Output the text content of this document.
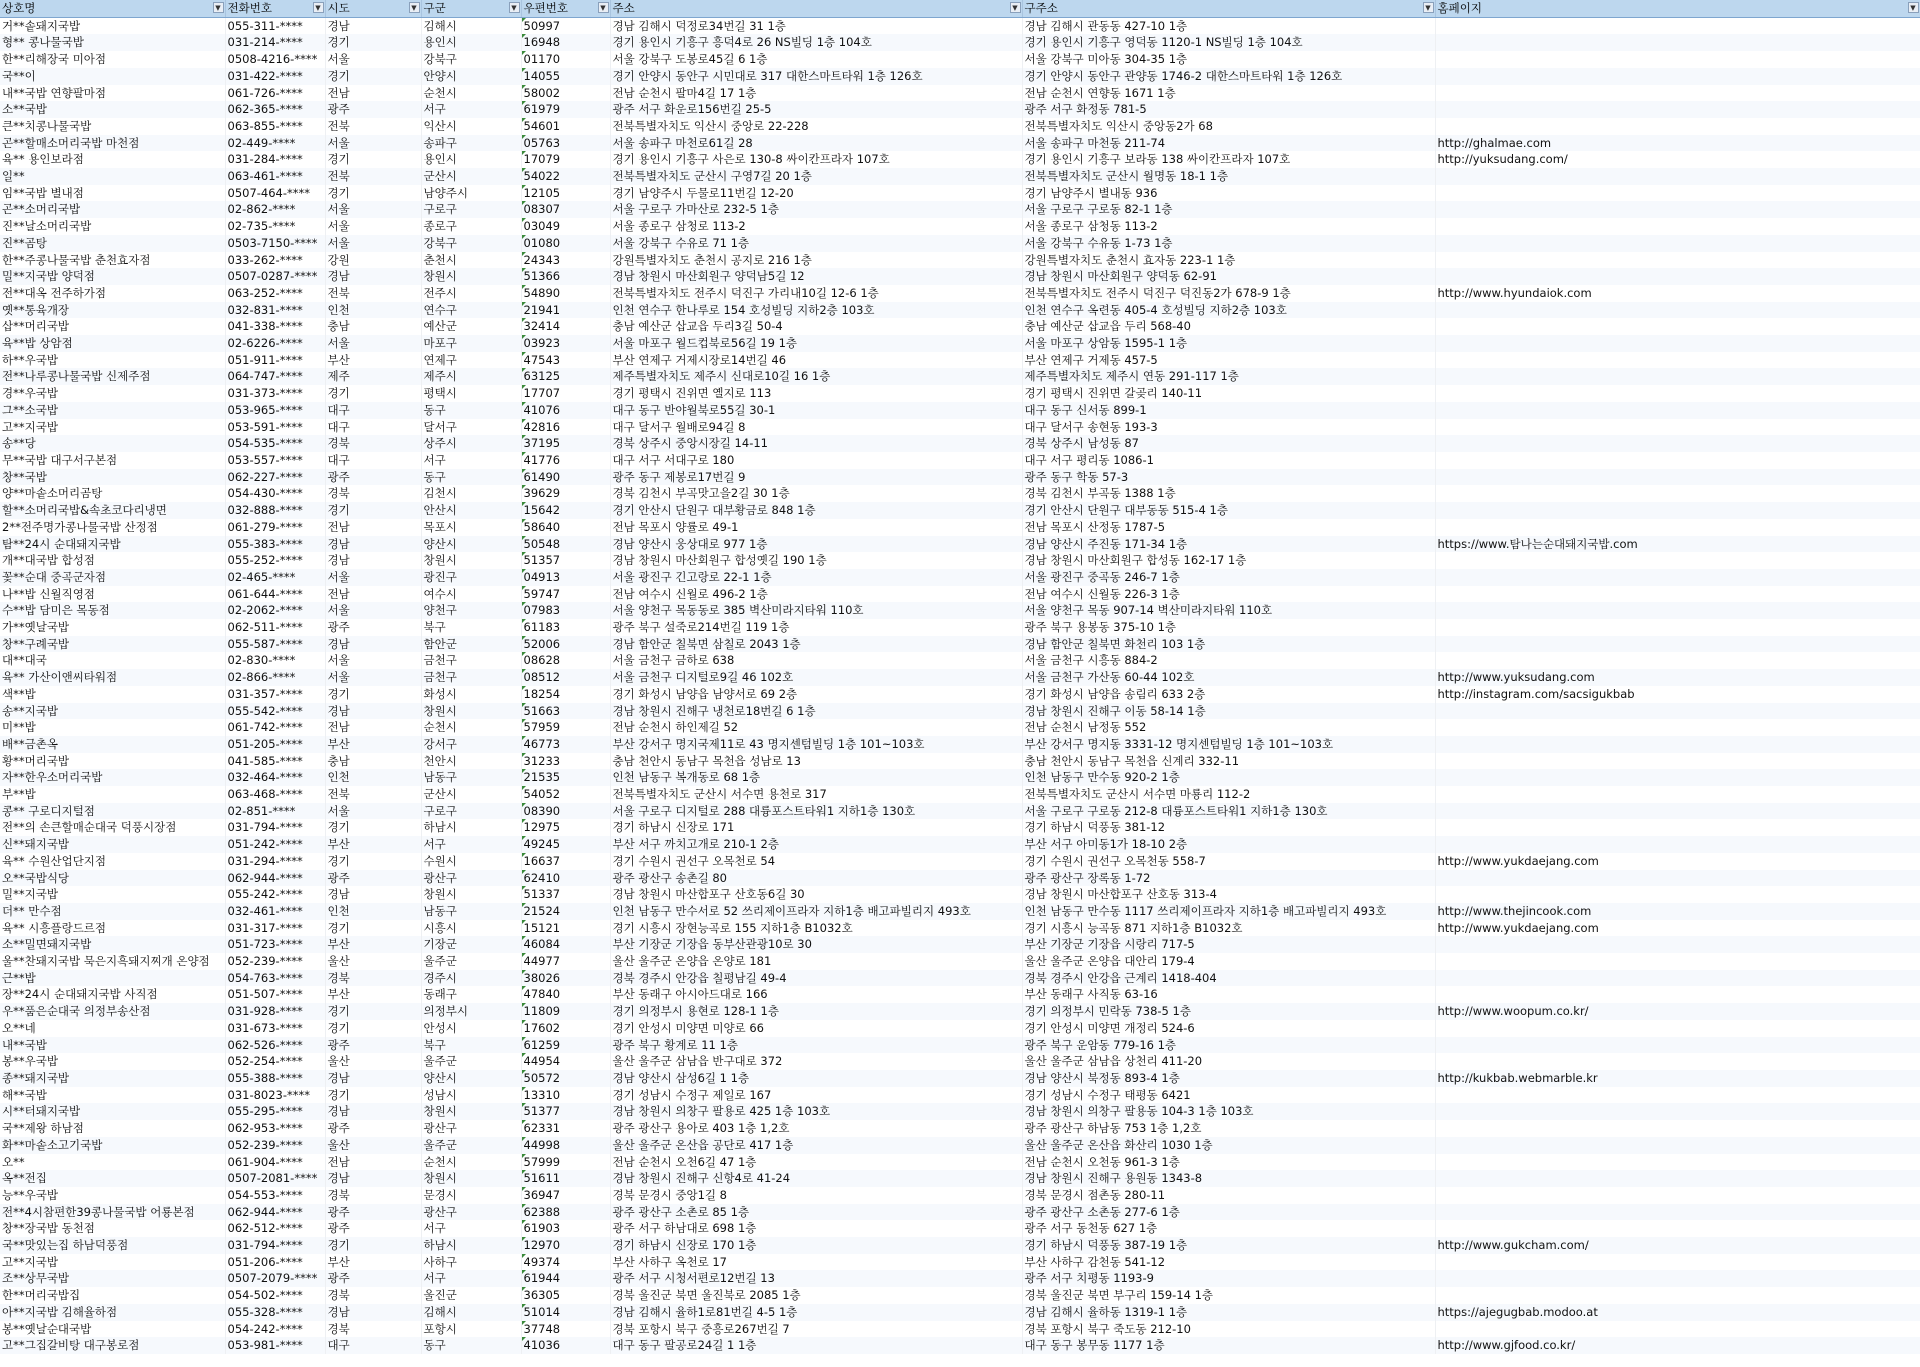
상호명 ▼	전화번호 ▼	시도 ▼	구군 ▼	우편번호 ▼	주소 ▼	구주소 ▼	홈페이지 ▼

거**솥돼지국밥	055-311-****	경남	김해시	50997	경남 김해시 덕정로34번길 31 1층	경남 김해시 관동동 427-10 1층	
형** 콩나물국밥	031-214-****	경기	용인시	16948	경기 용인시 기흥구 흥덕4로 26 NS빌딩 1층 104호	경기 용인시 기흥구 영덕동 1120-1 NS빌딩 1층 104호	
한**리해장국 미아점	0508-4216-****	서울	강북구	01170	서울 강북구 도봉로45길 6 1층	서울 강북구 미아동 304-35 1층	
국**이	031-422-****	경기	안양시	14055	경기 안양시 동안구 시민대로 317 대한스마트타워 1층 126호	경기 안양시 동안구 관양동 1746-2 대한스마트타워 1층 126호	
내**국밥 연향팔마점	061-726-****	전남	순천시	58002	전남 순천시 팔마4길 17 1층	전남 순천시 연향동 1671 1층	
소**국밥	062-365-****	광주	서구	61979	광주 서구 화운로156번길 25-5	광주 서구 화정동 781-5	
큰**치콩나물국밥	063-855-****	전북	익산시	54601	전북특별자치도 익산시 중앙로 22-228	전북특별자치도 익산시 중앙동2가 68	
곤**할매소머리국밥 마천점	02-449-****	서울	송파구	05763	서울 송파구 마천로61길 28	서울 송파구 마천동 211-74	http://ghalmae.com
육** 용인보라점	031-284-****	경기	용인시	17079	경기 용인시 기흥구 사은로 130-8 싸이칸프라자 107호	경기 용인시 기흥구 보라동 138 싸이칸프라자 107호	http://yuksudang.com/
일**	063-461-****	전북	군산시	54022	전북특별자치도 군산시 구영7길 20 1층	전북특별자치도 군산시 월명동 18-1 1층	
임**국밥 별내점	0507-464-****	경기	남양주시	12105	경기 남양주시 두물로11번길 12-20	경기 남양주시 별내동 936	
곤**소머리국밥	02-862-****	서울	구로구	08307	서울 구로구 가마산로 232-5 1층	서울 구로구 구로동 82-1 1층	
진**날소머리국밥	02-735-****	서울	종로구	03049	서울 종로구 삼청로 113-2	서울 종로구 삼청동 113-2	
진**곰탕	0503-7150-****	서울	강북구	01080	서울 강북구 수유로 71 1층	서울 강북구 수유동 1-73 1층	
한**주콩나물국밥 춘천효자점	033-262-****	강원	춘천시	24343	강원특별자치도 춘천시 공지로 216 1층	강원특별자치도 춘천시 효자동 223-1 1층	
밀**지국밥 양덕점	0507-0287-****	경남	창원시	51366	경남 창원시 마산회원구 양덕남5길 12	경남 창원시 마산회원구 양덕동 62-91	
전**대옥 전주하가점	063-252-****	전북	전주시	54890	전북특별자치도 전주시 덕진구 가리내10길 12-6 1층	전북특별자치도 전주시 덕진구 덕진동2가 678-9 1층	http://www.hyundaiok.com
옛**통육개장	032-831-****	인천	연수구	21941	인천 연수구 한나루로 154 호성빌딩 지하2층 103호	인천 연수구 옥련동 405-4 호성빌딩 지하2층 103호	
삽**머리국밥	041-338-****	충남	예산군	32414	충남 예산군 삽교읍 두리3길 50-4	충남 예산군 삽교읍 두리 568-40	
육**밥 상암점	02-6226-****	서울	마포구	03923	서울 마포구 월드컵북로56길 19 1층	서울 마포구 상암동 1595-1 1층	
하**우국밥	051-911-****	부산	연제구	47543	부산 연제구 거제시장로14번길 46	부산 연제구 거제동 457-5	
전**나루콩나물국밥 신제주점	064-747-****	제주	제주시	63125	제주특별자치도 제주시 신대로10길 16 1층	제주특별자치도 제주시 연동 291-117 1층	
경**우국밥	031-373-****	경기	평택시	17707	경기 평택시 진위면 옐지로 113	경기 평택시 진위면 갈곶리 140-11	
그**소국밥	053-965-****	대구	동구	41076	대구 동구 반야월북로55길 30-1	대구 동구 신서동 899-1	
고**지국밥	053-591-****	대구	달서구	42816	대구 달서구 월배로94길 8	대구 달서구 송현동 193-3	
송**당	054-535-****	경북	상주시	37195	경북 상주시 중앙시장길 14-11	경북 상주시 남성동 87	
무**국밥 대구서구본점	053-557-****	대구	서구	41776	대구 서구 서대구로 180	대구 서구 평리동 1086-1	
창**국밥	062-227-****	광주	동구	61490	광주 동구 제봉로17번길 9	광주 동구 학동 57-3	
양**마솥소머리곰탕	054-430-****	경북	김천시	39629	경북 김천시 부곡맛고을2길 30 1층	경북 김천시 부곡동 1388 1층	
할**소머리국밥&속초코다리냉면	032-888-****	경기	안산시	15642	경기 안산시 단원구 대부황금로 848 1층	경기 안산시 단원구 대부동동 515-4 1층	
2**전주명가콩나물국밥 산정점	061-279-****	전남	목포시	58640	전남 목포시 양률로 49-1	전남 목포시 산정동 1787-5	
탐**24시 순대돼지국밥	055-383-****	경남	양산시	50548	경남 양산시 웅상대로 977 1층	경남 양산시 주진동 171-34 1층	https://www.탐나는순대돼지국밥.com
개**대국밥 합성점	055-252-****	경남	창원시	51357	경남 창원시 마산회원구 합성옛길 190 1층	경남 창원시 마산회원구 합성동 162-17 1층	
꽃**순대 중곡군자점	02-465-****	서울	광진구	04913	서울 광진구 긴고랑로 22-1 1층	서울 광진구 중곡동 246-7 1층	
나**밥 신월직영점	061-644-****	전남	여수시	59747	전남 여수시 신월로 496-2 1층	전남 여수시 신월동 226-3 1층	
수**밥 담미은 목동점	02-2062-****	서울	양천구	07983	서울 양천구 목동동로 385 벽산미라지타워 110호	서울 양천구 목동 907-14 벽산미라지타워 110호	
가**옛날국밥	062-511-****	광주	북구	61183	광주 북구 설죽로214번길 119 1층	광주 북구 용봉동 375-10 1층	
창**구례국밥	055-587-****	경남	함안군	52006	경남 함안군 칠북면 삼칠로 2043 1층	경남 함안군 칠북면 화천리 103 1층	
대**대국	02-830-****	서울	금천구	08628	서울 금천구 금하로 638	서울 금천구 시흥동 884-2	
육** 가산이앤씨타워점	02-866-****	서울	금천구	08512	서울 금천구 디지털로9길 46 102호	서울 금천구 가산동 60-44 102호	http://www.yuksudang.com
색**밥	031-357-****	경기	화성시	18254	경기 화성시 남양읍 남양서로 69 2층	경기 화성시 남양읍 송림리 633 2층	http://instagram.com/sacsigukbab
송**지국밥	055-542-****	경남	창원시	51663	경남 창원시 진해구 냉천로18번길 6 1층	경남 창원시 진해구 이동 58-14 1층	
미**밥	061-742-****	전남	순천시	57959	전남 순천시 하인제길 52	전남 순천시 남정동 552	
배**금촌옥	051-205-****	부산	강서구	46773	부산 강서구 명지국제11로 43 명지센텀빌딩 1층 101~103호	부산 강서구 명지동 3331-12 명지센텀빌딩 1층 101~103호	
황**머리국밥	041-585-****	충남	천안시	31233	충남 천안시 동남구 목천읍 성남로 13	충남 천안시 동남구 목천읍 신계리 332-11	
자**한우소머리국밥	032-464-****	인천	남동구	21535	인천 남동구 복개동로 68 1층	인천 남동구 만수동 920-2 1층	
부**밥	063-468-****	전북	군산시	54052	전북특별자치도 군산시 서수면 용천로 317	전북특별자치도 군산시 서수면 마룡리 112-2	
콩** 구로디지털점	02-851-****	서울	구로구	08390	서울 구로구 디지털로 288 대륭포스트타워1 지하1층 130호	서울 구로구 구로동 212-8 대륭포스트타워1 지하1층 130호	
전**의 손큰할매순대국 덕풍시장점	031-794-****	경기	하남시	12975	경기 하남시 신장로 171	경기 하남시 덕풍동 381-12	
신**돼지국밥	051-242-****	부산	서구	49245	부산 서구 까치고개로 210-1 2층	부산 서구 아미동1가 18-10 2층	
육** 수원산업단지점	031-294-****	경기	수원시	16637	경기 수원시 권선구 오목천로 54	경기 수원시 권선구 오목천동 558-7	http://www.yukdaejang.com
오**국밥식당	062-944-****	광주	광산구	62410	광주 광산구 송촌길 80	광주 광산구 장록동 1-72	
밀**지국밥	055-242-****	경남	창원시	51337	경남 창원시 마산합포구 산호동6길 30	경남 창원시 마산합포구 산호동 313-4	
더** 만수점	032-461-****	인천	남동구	21524	인천 남동구 만수서로 52 쓰리제이프라자 지하1층 배고파빌리지 493호	인천 남동구 만수동 1117 쓰리제이프라자 지하1층 배고파빌리지 493호	http://www.thejincook.com
육** 시흥플랑드르점	031-317-****	경기	시흥시	15121	경기 시흥시 장현능곡로 155 지하1층 B1032호	경기 시흥시 능곡동 871 지하1층 B1032호	http://www.yukdaejang.com
소**밀면돼지국밥	051-723-****	부산	기장군	46084	부산 기장군 기장읍 동부산관광10로 30	부산 기장군 기장읍 시랑리 717-5	
울**찬돼지국밥 묵은지흑돼지찌개 온양점	052-239-****	울산	울주군	44977	울산 울주군 온양읍 온양로 181	울산 울주군 온양읍 대안리 179-4	
근**밥	054-763-****	경북	경주시	38026	경북 경주시 안강읍 칠평남길 49-4	경북 경주시 안강읍 근계리 1418-404	
장**24시 순대돼지국밥 사직점	051-507-****	부산	동래구	47840	부산 동래구 아시아드대로 166	부산 동래구 사직동 63-16	
우**품은순대국 의정부송산점	031-928-****	경기	의정부시	11809	경기 의정부시 용현로 128-1 1층	경기 의정부시 민락동 738-5 1층	http://www.woopum.co.kr/
오**네	031-673-****	경기	안성시	17602	경기 안성시 미양면 미양로 66	경기 안성시 미양면 개정리 524-6	
내**국밥	062-526-****	광주	북구	61259	광주 북구 황계로 11 1층	광주 북구 운암동 779-16 1층	
봉**우국밥	052-254-****	울산	울주군	44954	울산 울주군 삼남읍 반구대로 372	울산 울주군 삼남읍 상천리 411-20	
종**돼지국밥	055-388-****	경남	양산시	50572	경남 양산시 삼성6길 1 1층	경남 양산시 북정동 893-4 1층	http://kukbab.webmarble.kr
해**국밥	031-8023-****	경기	성남시	13310	경기 성남시 수정구 제일로 167	경기 성남시 수정구 태평동 6421	
시**터돼지국밥	055-295-****	경남	창원시	51377	경남 창원시 의창구 팔용로 425 1층 103호	경남 창원시 의창구 팔용동 104-3 1층 103호	
국**제왕 하남점	062-953-****	광주	광산구	62331	광주 광산구 용아로 403 1층 1,2호	광주 광산구 하남동 753 1층 1,2호	
화**마솥소고기국밥	052-239-****	울산	울주군	44998	울산 울주군 온산읍 공단로 417 1층	울산 울주군 온산읍 화산리 1030 1층	
오**	061-904-****	전남	순천시	57999	전남 순천시 오천6길 47 1층	전남 순천시 오천동 961-3 1층	
옥**전집	0507-2081-****	경남	창원시	51611	경남 창원시 진해구 신항4로 41-24	경남 창원시 진해구 용원동 1343-8	
능**우국밥	054-553-****	경북	문경시	36947	경북 문경시 중앙1길 8	경북 문경시 점촌동 280-11	
전**4시참편한39콩나물국밥 어룡본점	062-944-****	광주	광산구	62388	광주 광산구 소촌로 85 1층	광주 광산구 소촌동 277-6 1층	
창**장국밥 동천점	062-512-****	광주	서구	61903	광주 서구 하남대로 698 1층	광주 서구 동천동 627 1층	
국**맛있는집 하남덕풍점	031-794-****	경기	하남시	12970	경기 하남시 신장로 170 1층	경기 하남시 덕풍동 387-19 1층	http://www.gukcham.com/
고**지국밥	051-206-****	부산	사하구	49374	부산 사하구 옥천로 17	부산 사하구 감천동 541-12	
조**상무국밥	0507-2079-****	광주	서구	61944	광주 서구 시청서편로12번길 13	광주 서구 치평동 1193-9	
한**머리국밥집	054-502-****	경북	울진군	36305	경북 울진군 북면 울진북로 2085 1층	경북 울진군 북면 부구리 159-14 1층	
아**지국밥 김해율하점	055-328-****	경남	김해시	51014	경남 김해시 율하1로81번길 4-5 1층	경남 김해시 율하동 1319-1 1층	https://ajegugbab.modoo.at
봉**옛날순대국밥	054-242-****	경북	포항시	37748	경북 포항시 북구 중흥로267번길 7	경북 포항시 북구 죽도동 212-10	
고**그집갈비탕 대구봉로점	053-981-****	대구	동구	41036	대구 동구 팔공로24길 1 1층	대구 동구 봉무동 1177 1층	http://www.gjfood.co.kr/
